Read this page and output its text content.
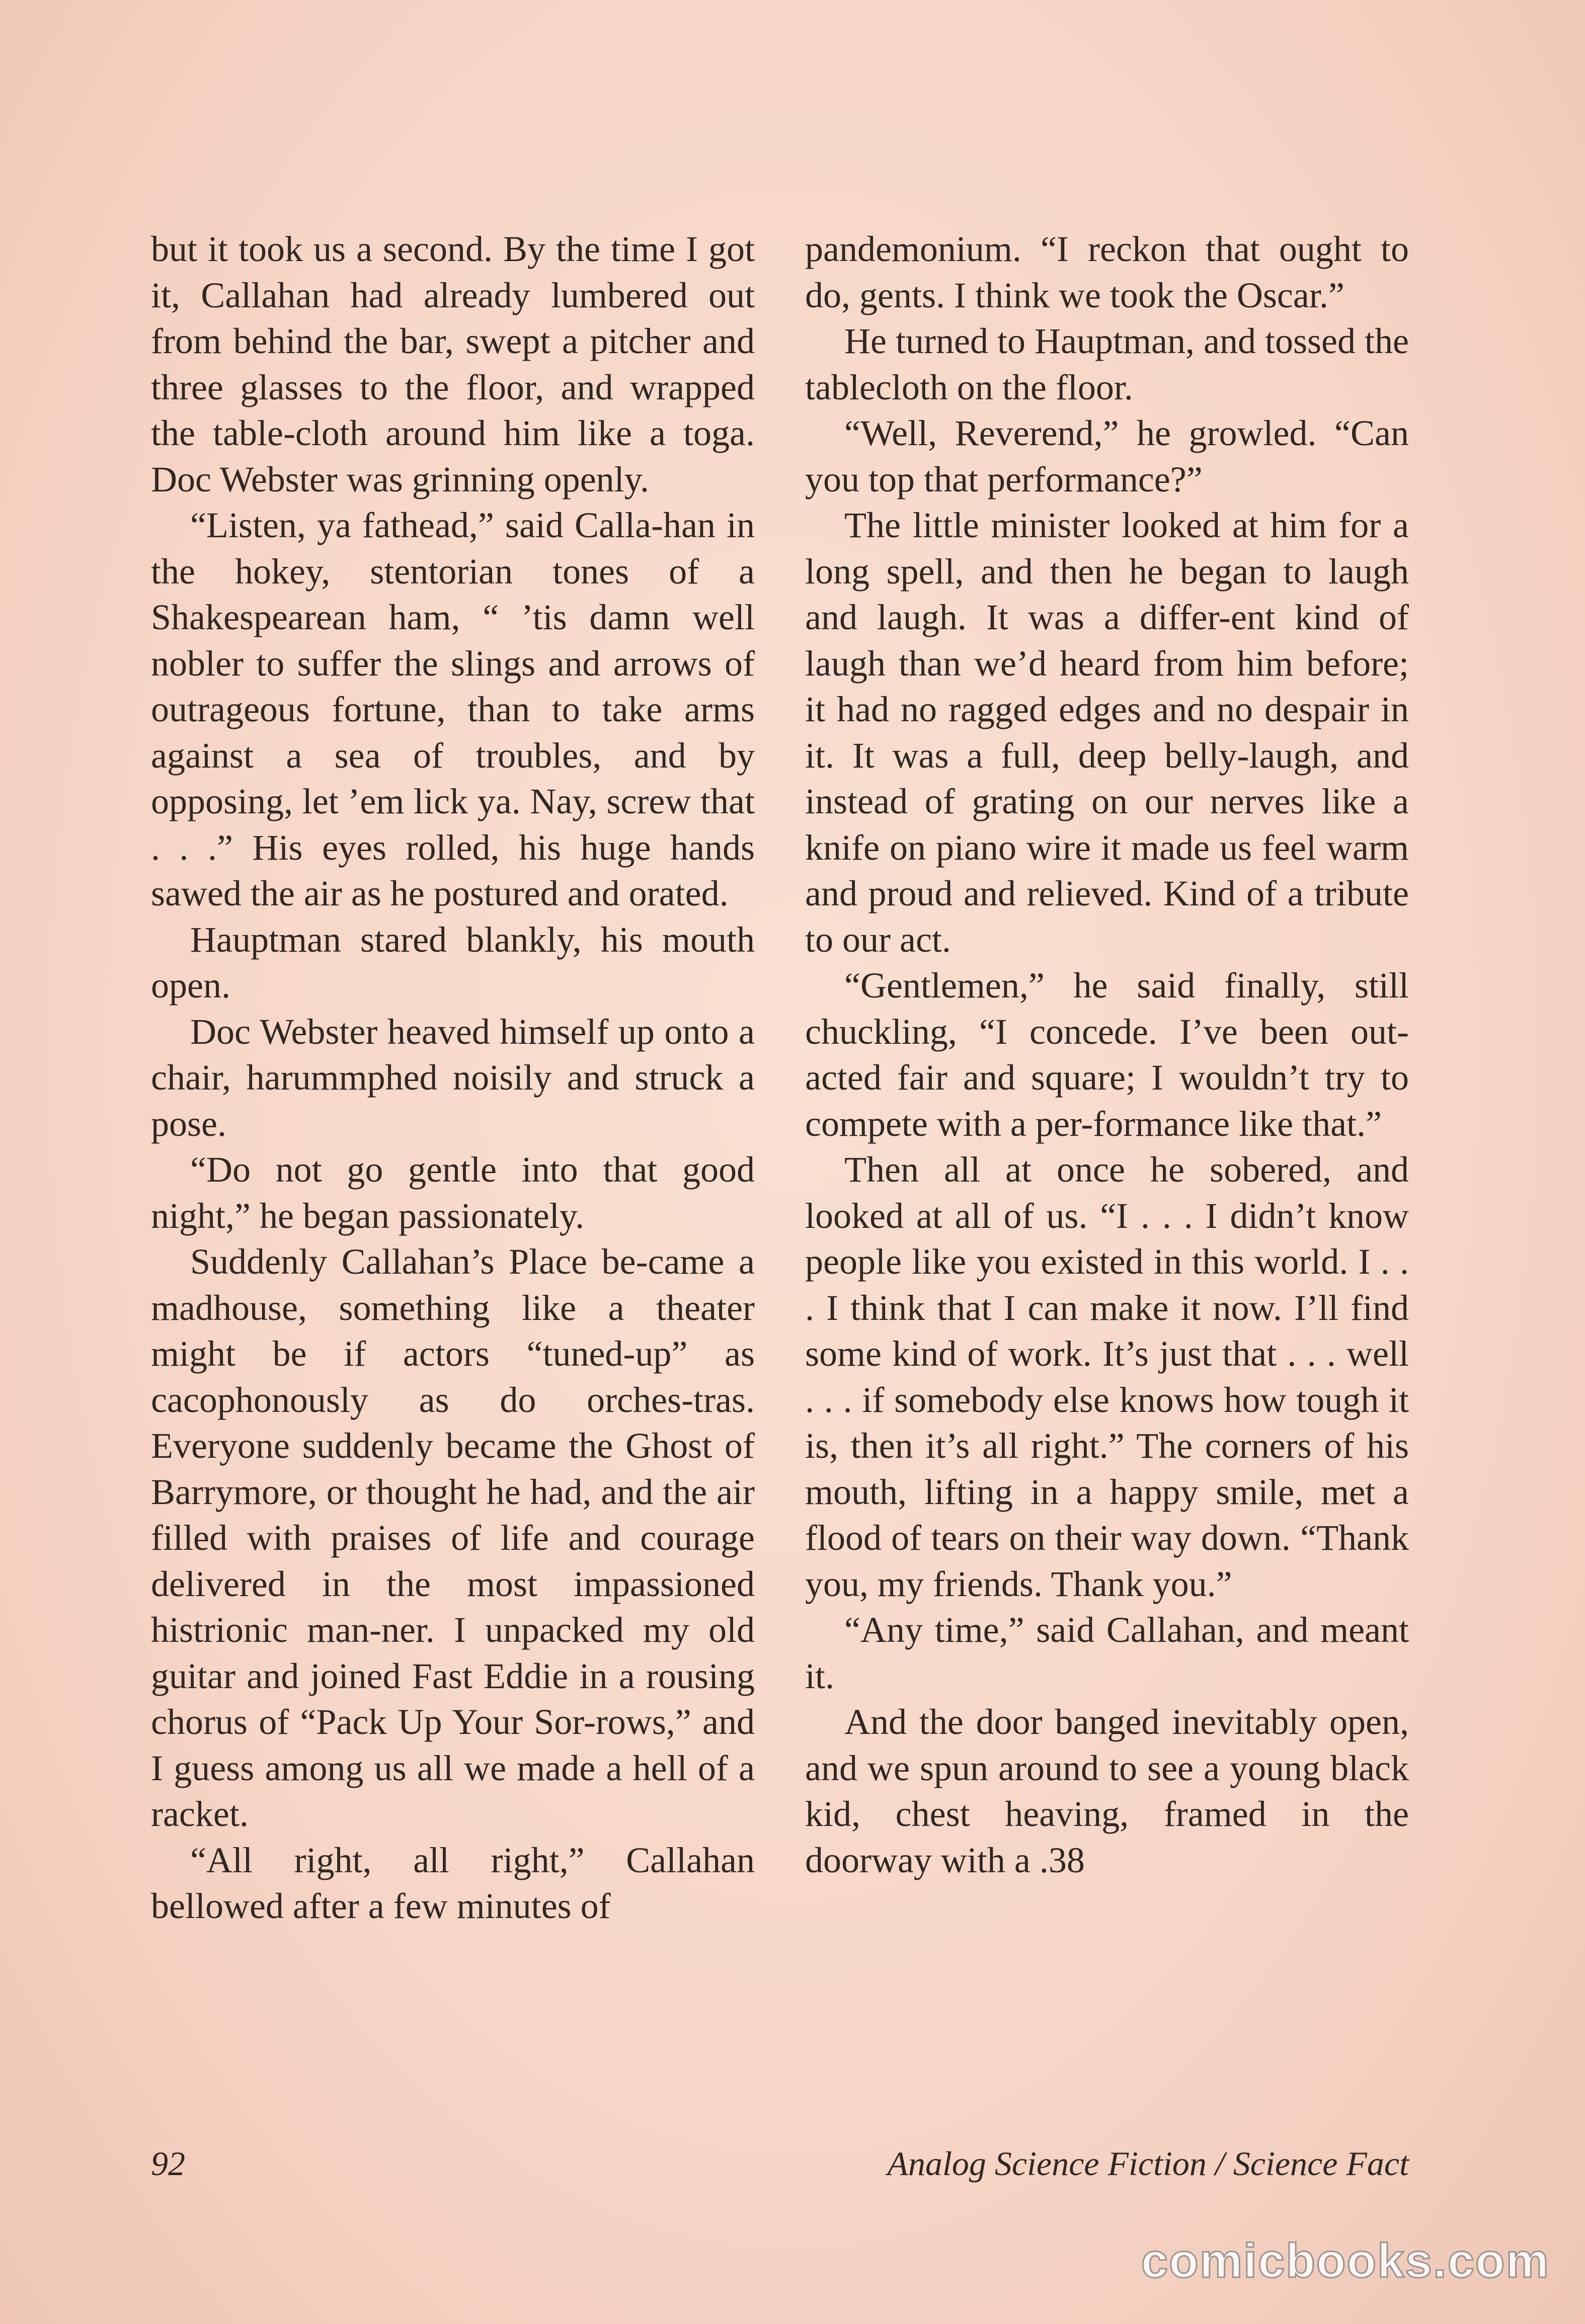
but it took us a second. By the time I got it, Callahan had already lumbered out from behind the bar, swept a pitcher and three glasses to the floor, and wrapped the table-cloth around him like a toga. Doc Webster was grinning openly.

“Listen, ya fathead,” said Calla-han in the hokey, stentorian tones of a Shakespearean ham, “ ’tis damn well nobler to suffer the slings and arrows of outrageous fortune, than to take arms against a sea of troubles, and by opposing, let ’em lick ya. Nay, screw that . . .” His eyes rolled, his huge hands sawed the air as he postured and orated.

Hauptman stared blankly, his mouth open.

Doc Webster heaved himself up onto a chair, harummphed noisily and struck a pose.

“Do not go gentle into that good night,” he began passionately.

Suddenly Callahan’s Place be-came a madhouse, something like a theater might be if actors “tuned-up” as cacophonously as do orches-tras. Everyone suddenly became the Ghost of Barrymore, or thought he had, and the air filled with praises of life and courage delivered in the most impassioned histrionic man-ner. I unpacked my old guitar and joined Fast Eddie in a rousing chorus of “Pack Up Your Sor-rows,” and I guess among us all we made a hell of a racket.

“All right, all right,” Callahan bellowed after a few minutes of

pandemonium. “I reckon that ought to do, gents. I think we took the Oscar.”

He turned to Hauptman, and tossed the tablecloth on the floor.

“Well, Reverend,” he growled. “Can you top that performance?”

The little minister looked at him for a long spell, and then he began to laugh and laugh. It was a differ-ent kind of laugh than we’d heard from him before; it had no ragged edges and no despair in it. It was a full, deep belly-laugh, and instead of grating on our nerves like a knife on piano wire it made us feel warm and proud and relieved. Kind of a tribute to our act.

“Gentlemen,” he said finally, still chuckling, “I concede. I’ve been out-acted fair and square; I wouldn’t try to compete with a per-formance like that.”

Then all at once he sobered, and looked at all of us. “I . . . I didn’t know people like you existed in this world. I . . . I think that I can make it now. I’ll find some kind of work. It’s just that . . . well . . . if somebody else knows how tough it is, then it’s all right.” The corners of his mouth, lifting in a happy smile, met a flood of tears on their way down. “Thank you, my friends. Thank you.”

“Any time,” said Callahan, and meant it.

And the door banged inevitably open, and we spun around to see a young black kid, chest heaving, framed in the doorway with a .38

92	Analog Science Fiction / Science Fact
comicbooks.com
